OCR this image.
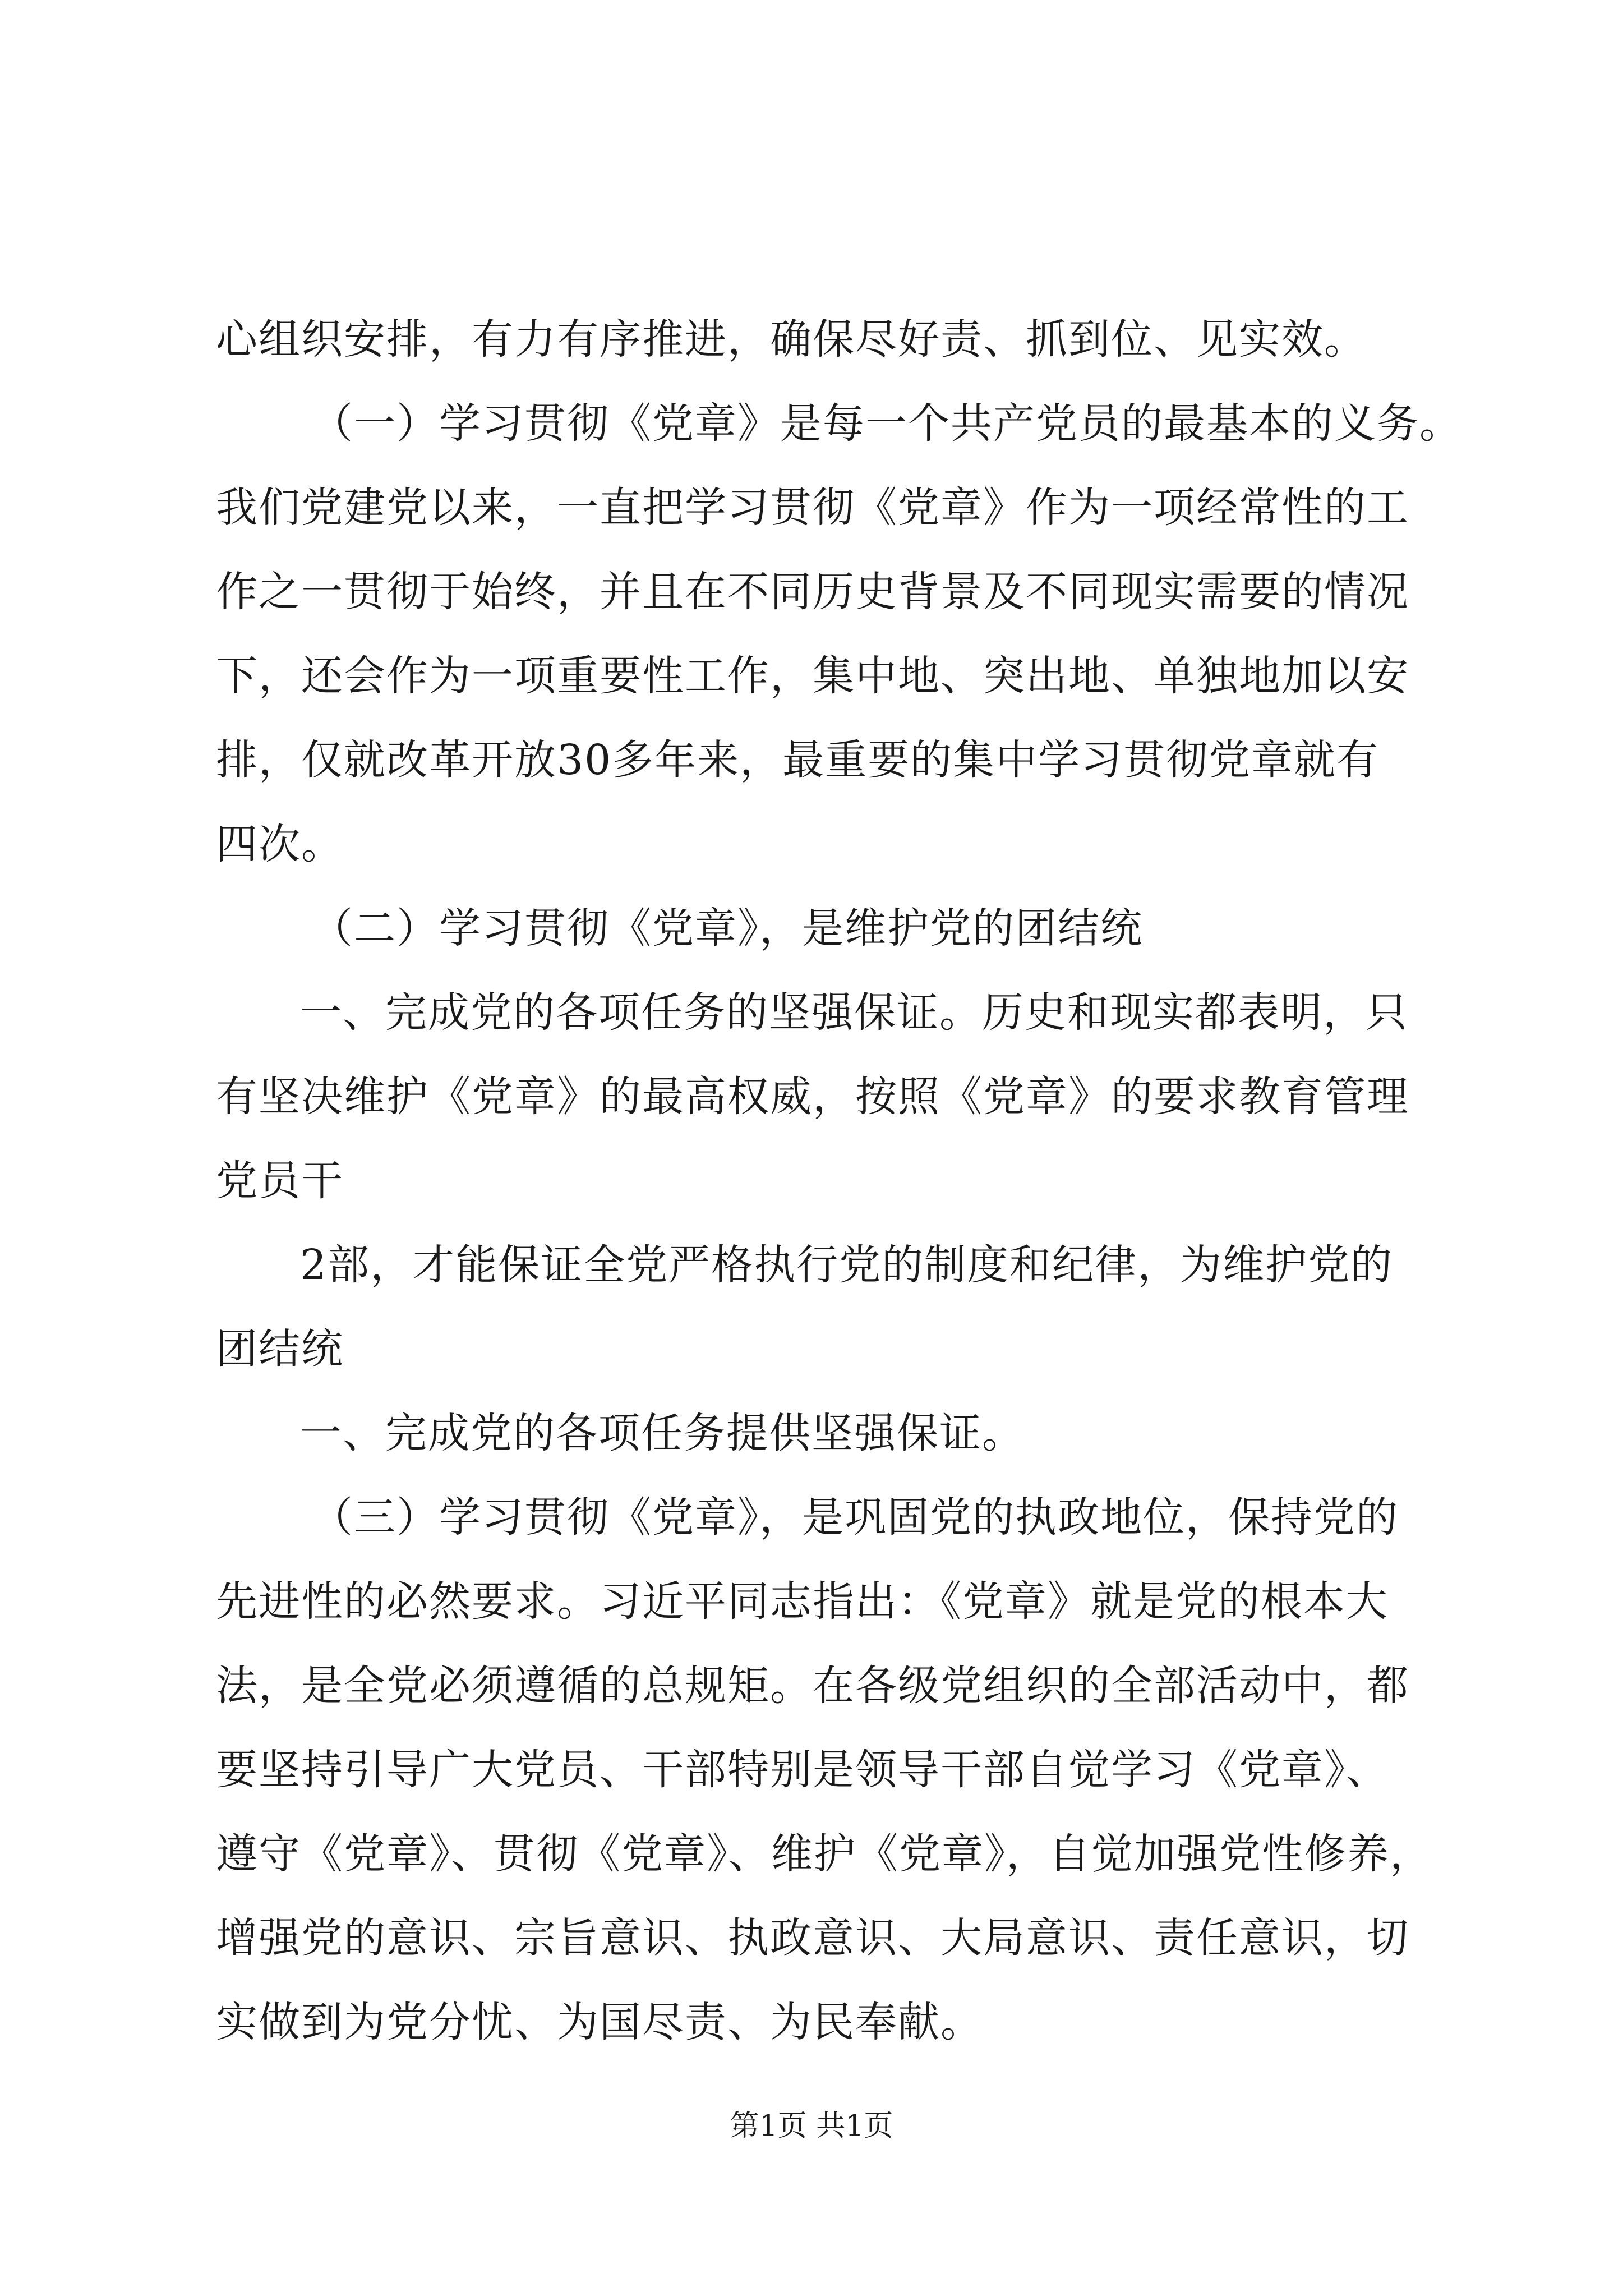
心组织安排，有力有序推进，确保尽好责、抓到位、见实效。
（一）学习贯彻《党章》是每一个共产党员的最基本的义务。
我们党建党以来，一直把学习贯彻《党章》作为一项经常性的工
作之一贯彻于始终，并且在不同历史背景及不同现实需要的情况
下，还会作为一项重要性工作，集中地、突出地、单独地加以安
排，仅就改革开放30多年来，最重要的集中学习贯彻党章就有
四次。
（二）学习贯彻《党章》，是维护党的团结统
一、完成党的各项任务的坚强保证。历史和现实都表明，只
有坚决维护《党章》的最高权威，按照《党章》的要求教育管理
党员干
2部，才能保证全党严格执行党的制度和纪律，为维护党的
团结统
一、完成党的各项任务提供坚强保证。
（三）学习贯彻《党章》，是巩固党的执政地位，保持党的
先进性的必然要求。习近平同志指出：《党章》就是党的根本大
法，是全党必须遵循的总规矩。在各级党组织的全部活动中，都
要坚持引导广大党员、干部特别是领导干部自觉学习《党章》、
遵守《党章》、贯彻《党章》、维护《党章》，自觉加强党性修养，
增强党的意识、宗旨意识、执政意识、大局意识、责任意识，切
实做到为党分忧、为国尽责、为民奉献。
第1页 共1页
